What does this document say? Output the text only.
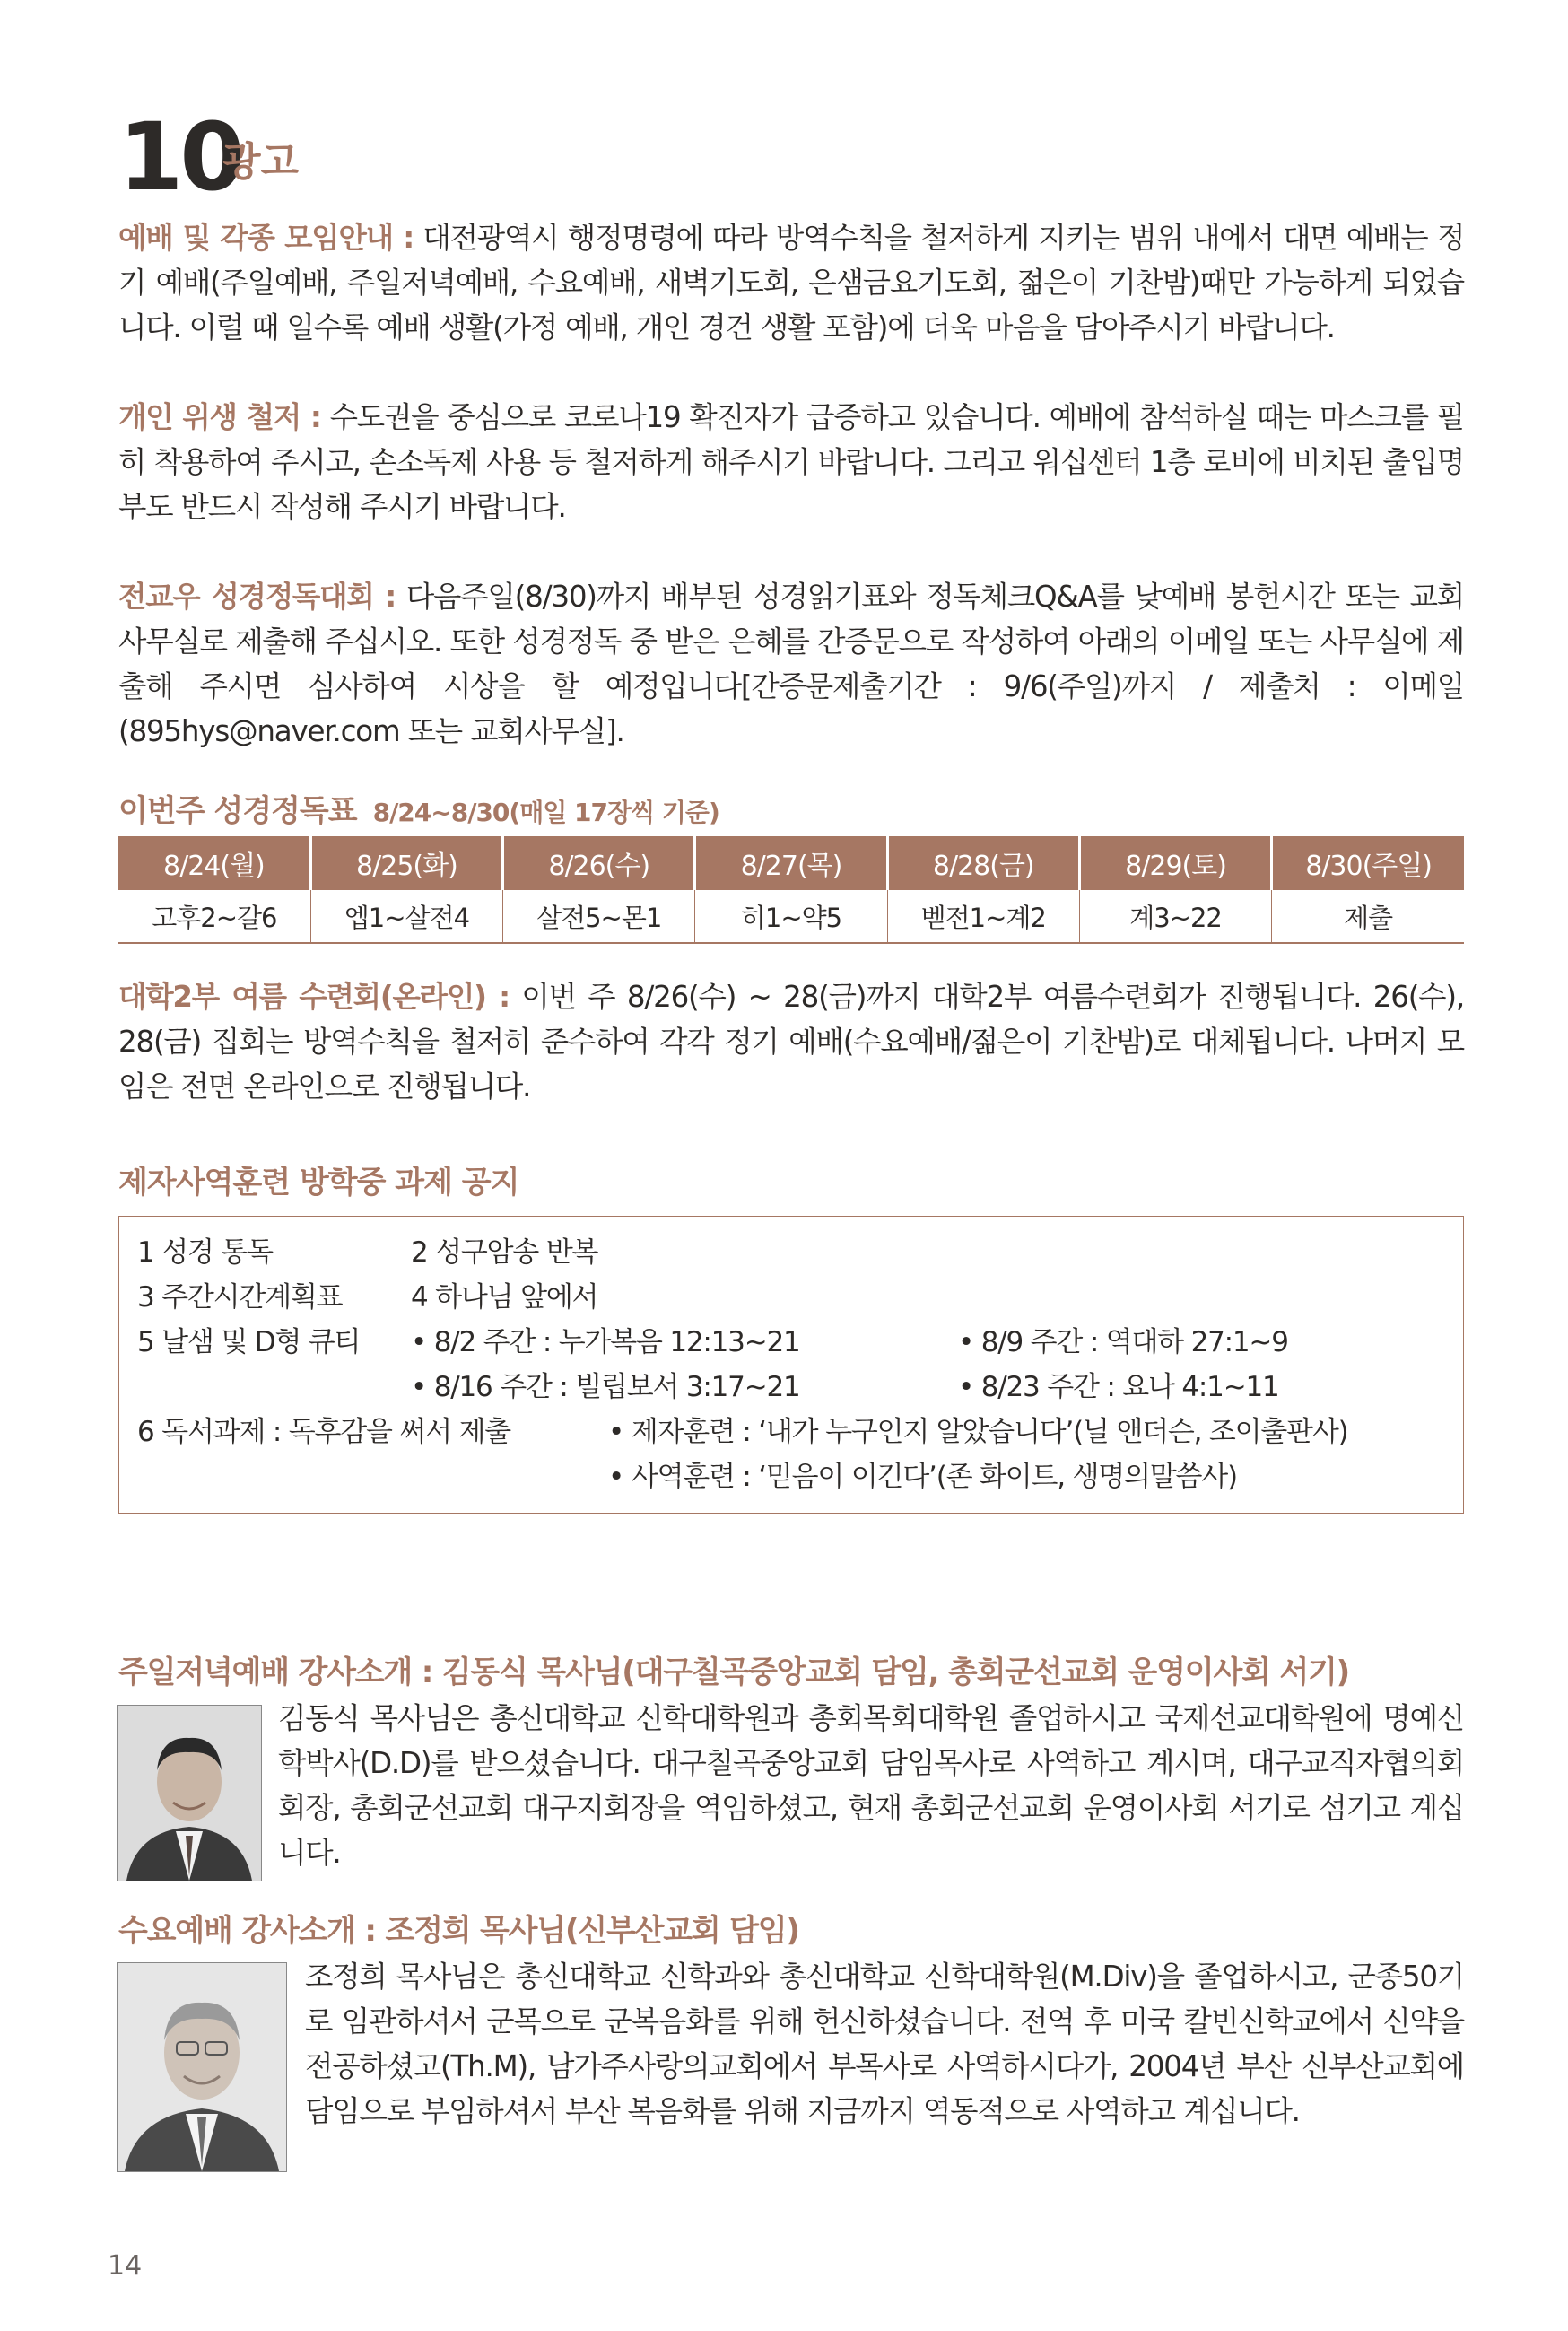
10
광고

예배 및 각종 모임안내 : 대전광역시 행정명령에 따라 방역수칙을 철저하게 지키는 범위 내에서 대면 예배는 정기 예배(주일예배, 주일저녁예배, 수요예배, 새벽기도회, 은샘금요기도회, 젊은이 기찬밤)때만 가능하게 되었습니다. 이럴 때 일수록 예배 생활(가정 예배, 개인 경건 생활 포함)에 더욱 마음을 담아주시기 바랍니다.

개인 위생 철저 : 수도권을 중심으로 코로나19 확진자가 급증하고 있습니다. 예배에 참석하실 때는 마스크를 필히 착용하여 주시고, 손소독제 사용 등 철저하게 해주시기 바랍니다. 그리고 워십센터 1층 로비에 비치된 출입명부도 반드시 작성해 주시기 바랍니다.

전교우 성경정독대회 : 다음주일(8/30)까지 배부된 성경읽기표와 정독체크Q&A를 낮예배 봉헌시간 또는 교회 사무실로 제출해 주십시오. 또한 성경정독 중 받은 은혜를 간증문으로 작성하여 아래의 이메일 또는 사무실에 제출해 주시면 심사하여 시상을 할 예정입니다[간증문제출기간 : 9/6(주일)까지 / 제출처 : 이메일(895hys@naver.com 또는 교회사무실].

이번주 성경정독표 8/24~8/30(매일 17장씩 기준)
8/24(월)	8/25(화)	8/26(수)	8/27(목)	8/28(금)	8/29(토)	8/30(주일)
고후2~갈6	엡1~살전4	살전5~몬1	히1~약5	벧전1~계2	계3~22	제출

대학2부 여름 수련회(온라인) : 이번 주 8/26(수) ~ 28(금)까지 대학2부 여름수련회가 진행됩니다. 26(수), 28(금) 집회는 방역수칙을 철저히 준수하여 각각 정기 예배(수요예배/젊은이 기찬밤)로 대체됩니다. 나머지 모임은 전면 온라인으로 진행됩니다.

제자사역훈련 방학중 과제 공지
1 성경 통독	2 성구암송 반복
3 주간시간계획표 4 하나님 앞에서
5 날샘 및 D형 큐티 • 8/2 주간 : 누가복음 12:13~21	• 8/9 주간 : 역대하 27:1~9
• 8/16 주간 : 빌립보서 3:17~21	• 8/23 주간 : 요나 4:1~11
6 독서과제 : 독후감을 써서 제출	• 제자훈련 : ‘내가 누구인지 알았습니다’(닐 앤더슨, 조이출판사)
• 사역훈련 : ‘믿음이 이긴다’(존 화이트, 생명의말씀사)
주일저녁예배 강사소개 : 김동식 목사님(대구칠곡중앙교회 담임, 총회군선교회 운영이사회 서기)

김동식 목사님은 총신대학교 신학대학원과 총회목회대학원 졸업하시고 국제선교대학원에 명예신학박사(D.D)를 받으셨습니다. 대구칠곡중앙교회 담임목사로 사역하고 계시며, 대구교직자협의회 회장, 총회군선교회 대구지회장을 역임하셨고, 현재 총회군선교회 운영이사회 서기로 섬기고 계십니다.

수요예배 강사소개 : 조정희 목사님(신부산교회 담임)

조정희 목사님은 총신대학교 신학과와 총신대학교 신학대학원(M.Div)을 졸업하시고, 군종50기로 임관하셔서 군목으로 군복음화를 위해 헌신하셨습니다. 전역 후 미국 칼빈신학교에서 신약을 전공하셨고(Th.M), 남가주사랑의교회에서 부목사로 사역하시다가, 2004년 부산 신부산교회에 담임으로 부임하셔서 부산 복음화를 위해 지금까지 역동적으로 사역하고 계십니다.

14
